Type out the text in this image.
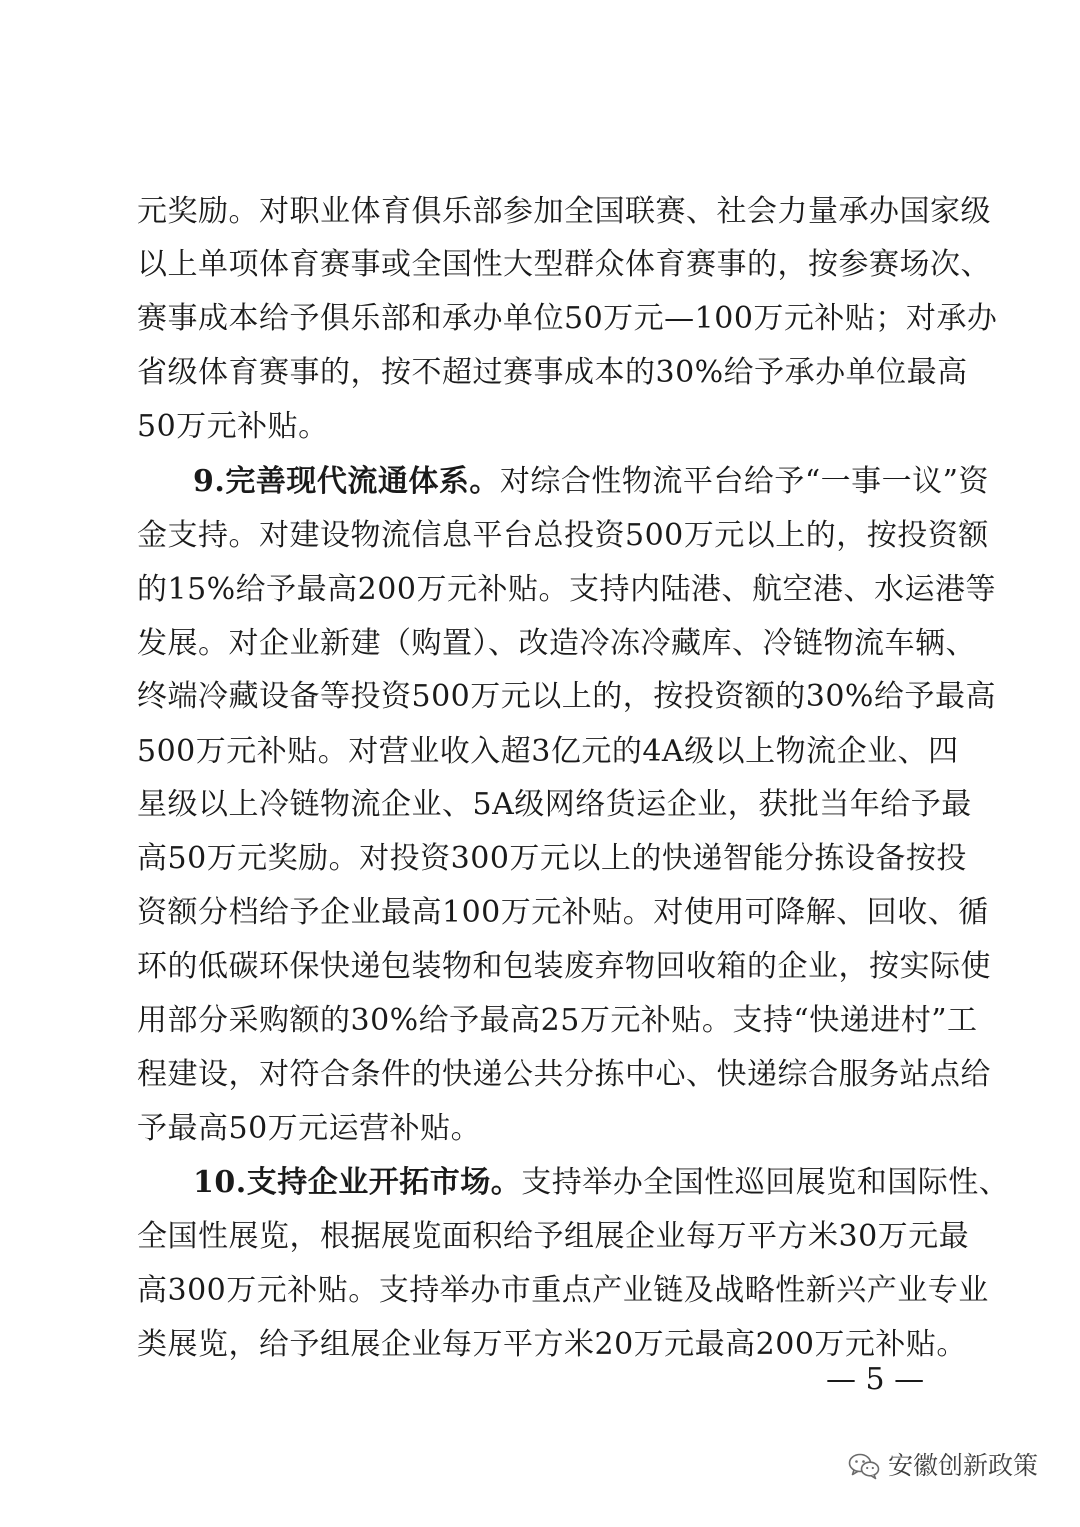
元奖励。对职业体育俱乐部参加全国联赛、社会力量承办国家级
以上单项体育赛事或全国性大型群众体育赛事的，按参赛场次、
赛事成本给予俱乐部和承办单位50万元—100万元补贴；对承办
省级体育赛事的，按不超过赛事成本的30%给予承办单位最高
50万元补贴。
9.完善现代流通体系。对综合性物流平台给予“一事一议”资
金支持。对建设物流信息平台总投资500万元以上的，按投资额
的15%给予最高200万元补贴。支持内陆港、航空港、水运港等
发展。对企业新建（购置）、改造冷冻冷藏库、冷链物流车辆、
终端冷藏设备等投资500万元以上的，按投资额的30%给予最高
500万元补贴。对营业收入超3亿元的4A级以上物流企业、四
星级以上冷链物流企业、5A级网络货运企业，获批当年给予最
高50万元奖励。对投资300万元以上的快递智能分拣设备按投
资额分档给予企业最高100万元补贴。对使用可降解、回收、循
环的低碳环保快递包装物和包装废弃物回收箱的企业，按实际使
用部分采购额的30%给予最高25万元补贴。支持“快递进村”工
程建设，对符合条件的快递公共分拣中心、快递综合服务站点给
予最高50万元运营补贴。
10.支持企业开拓市场。支持举办全国性巡回展览和国际性、
全国性展览，根据展览面积给予组展企业每万平方米30万元最
高300万元补贴。支持举办市重点产业链及战略性新兴产业专业
类展览，给予组展企业每万平方米20万元最高200万元补贴。
— 5 —
安徽创新政策
